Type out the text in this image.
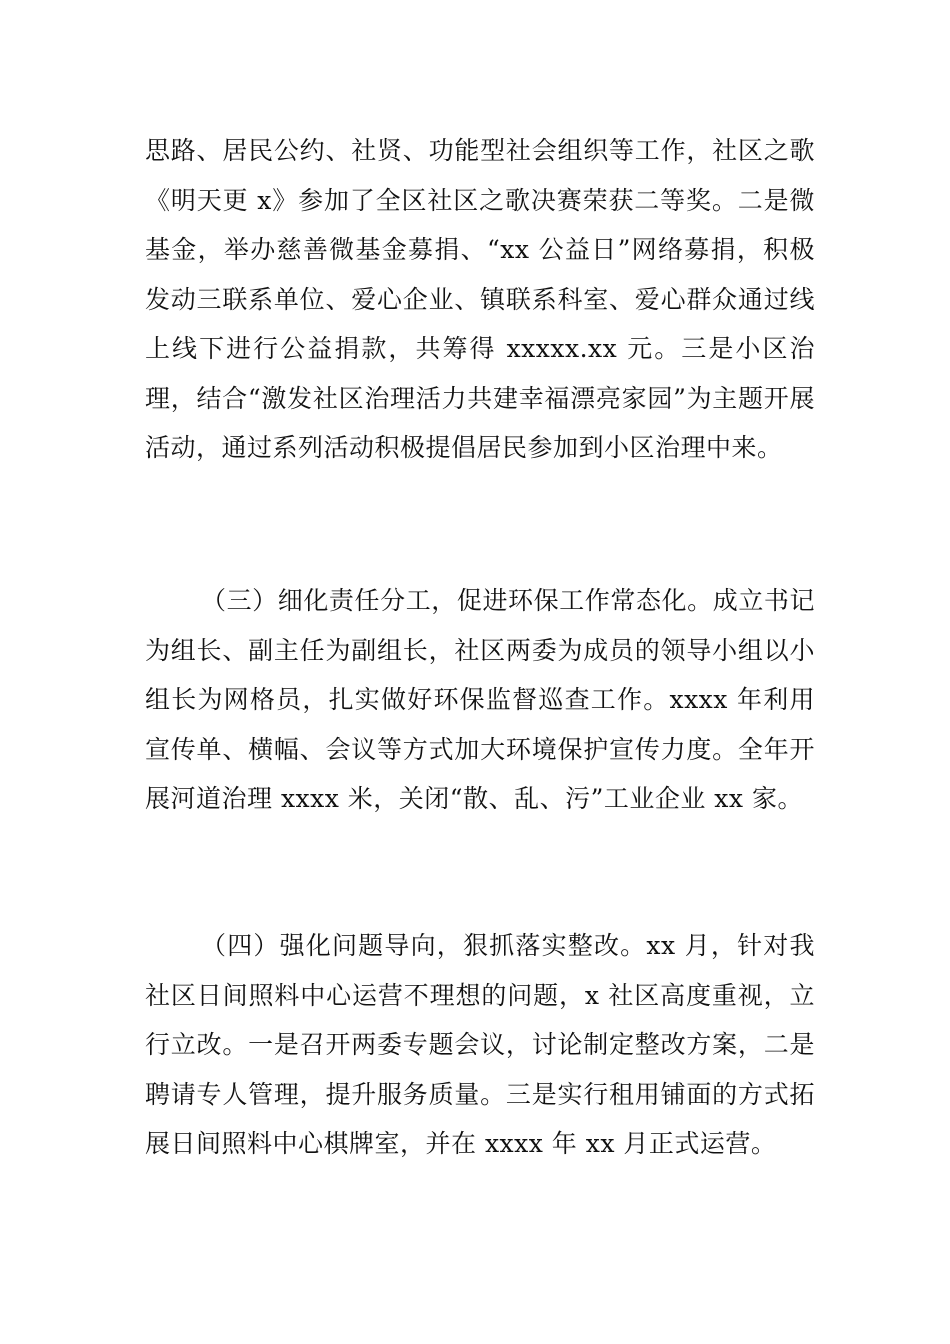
思路、居民公约、社贤、功能型社会组织等工作，社区之歌《明天更 x》参加了全区社区之歌决赛荣获二等奖。二是微基金，举办慈善微基金募捐、“xx 公益日”网络募捐，积极发动三联系单位、爱心企业、镇联系科室、爱心群众通过线上线下进行公益捐款，共筹得 xxxxx.xx 元。三是小区治理，结合“激发社区治理活力共建幸福漂亮家园”为主题开展活动，通过系列活动积极提倡居民参加到小区治理中来。

（三）细化责任分工，促进环保工作常态化。成立书记为组长、副主任为副组长，社区两委为成员的领导小组以小组长为网格员，扎实做好环保监督巡查工作。xxxx 年利用宣传单、横幅、会议等方式加大环境保护宣传力度。全年开展河道治理 xxxx 米，关闭“散、乱、污”工业企业 xx 家。

（四）强化问题导向，狠抓落实整改。xx 月，针对我社区日间照料中心运营不理想的问题，x 社区高度重视，立行立改。一是召开两委专题会议，讨论制定整改方案，二是聘请专人管理，提升服务质量。三是实行租用铺面的方式拓展日间照料中心棋牌室，并在 xxxx 年 xx 月正式运营。
